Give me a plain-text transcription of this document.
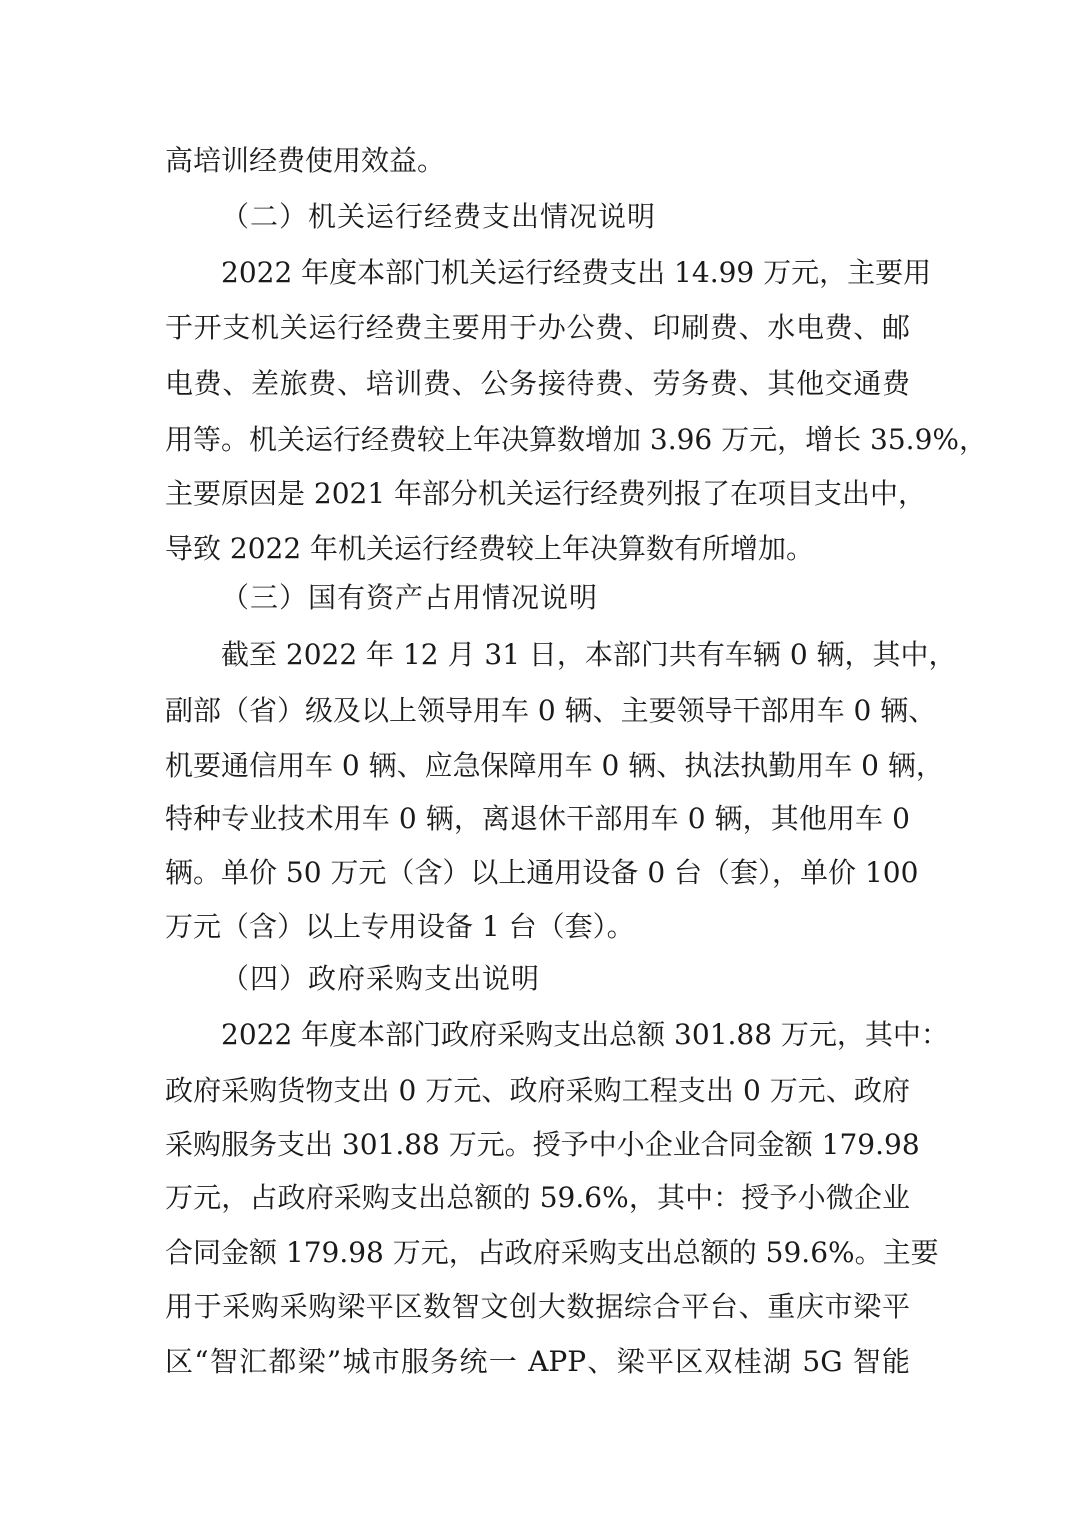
高培训经费使用效益。
（二）机关运行经费支出情况说明
2022 年度本部门机关运行经费支出 14.99 万元，主要用
于开支机关运行经费主要用于办公费、印刷费、水电费、邮
电费、差旅费、培训费、公务接待费、劳务费、其他交通费
用等。机关运行经费较上年决算数增加 3.96 万元，增长 35.9%，
主要原因是 2021 年部分机关运行经费列报了在项目支出中，
导致 2022 年机关运行经费较上年决算数有所增加。
（三）国有资产占用情况说明
截至 2022 年 12 月 31 日，本部门共有车辆 0 辆，其中，
副部（省）级及以上领导用车 0 辆、主要领导干部用车 0 辆、
机要通信用车 0 辆、应急保障用车 0 辆、执法执勤用车 0 辆，
特种专业技术用车 0 辆，离退休干部用车 0 辆，其他用车 0
辆。单价 50 万元（含）以上通用设备 0 台（套），单价 100
万元（含）以上专用设备 1 台（套）。
（四）政府采购支出说明
2022 年度本部门政府采购支出总额 301.88 万元，其中：
政府采购货物支出 0 万元、政府采购工程支出 0 万元、政府
采购服务支出 301.88 万元。授予中小企业合同金额 179.98
万元，占政府采购支出总额的 59.6%，其中：授予小微企业
合同金额 179.98 万元，占政府采购支出总额的 59.6%。主要
用于采购采购梁平区数智文创大数据综合平台、重庆市梁平
区“智汇都梁”城市服务统一 APP、梁平区双桂湖 5G 智能
